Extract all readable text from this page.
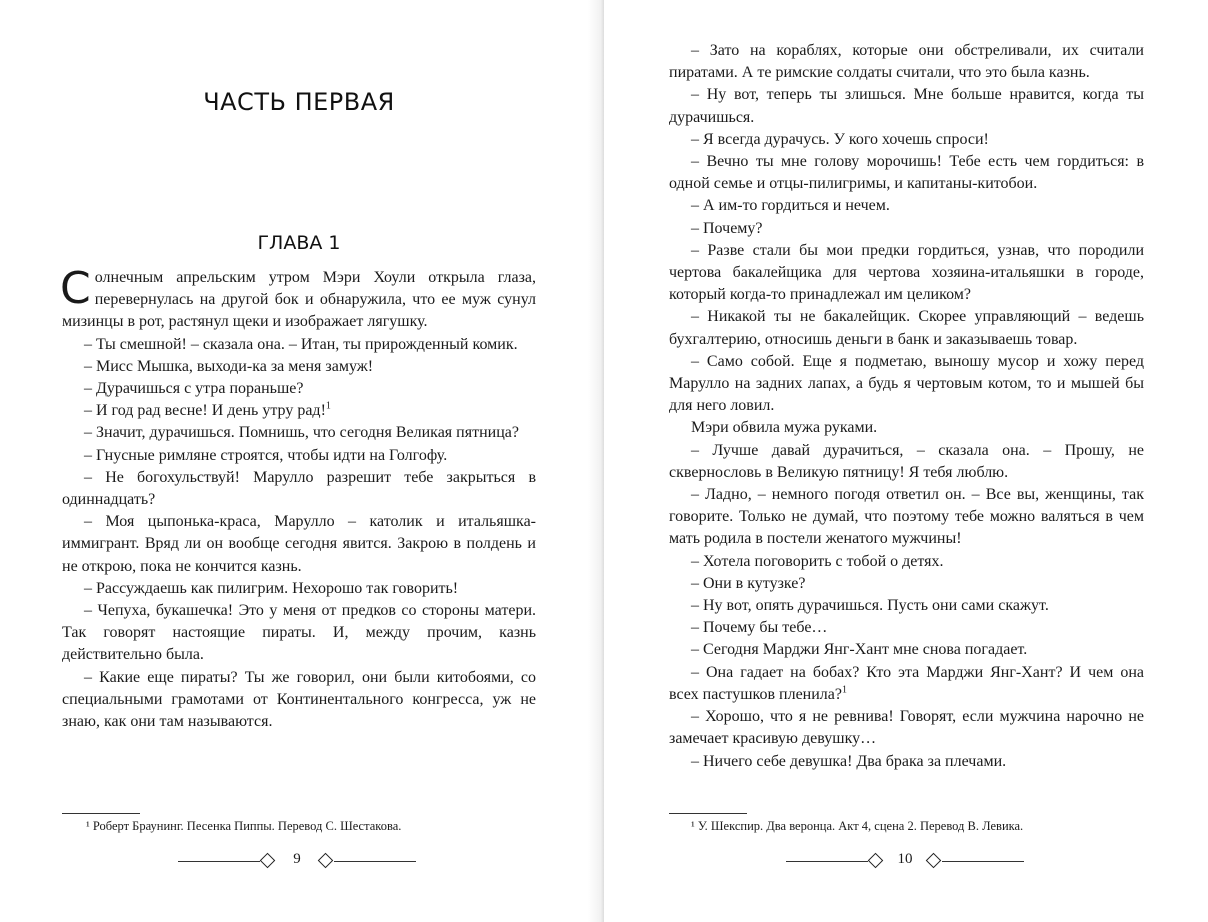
ЧАСТЬ ПЕРВАЯ
ГЛАВА 1

Солнечным апрельским утром Мэри Хоули открыла глаза, перевернулась на другой бок и обнаружила, что ее муж сунул мизинцы в рот, растянул щеки и изображает лягушку.

– Ты смешной! – сказала она. – Итан, ты прирожденный комик.

– Мисс Мышка, выходи-ка за меня замуж!

– Дурачишься с утра пораньше?

– И год рад весне! И день утру рад!$^1$

– Значит, дурачишься. Помнишь, что сегодня Великая пятница?

– Гнусные римляне строятся, чтобы идти на Голгофу.

– Не богохульствуй! Марулло разрешит тебе закрыться в одиннадцать?

– Моя цыпонька-краса, Марулло – католик и итальяшка-иммигрант. Вряд ли он вообще сегодня явится. Закрою в полдень и не открою, пока не кончится казнь.

– Рассуждаешь как пилигрим. Нехорошо так говорить!

– Чепуха, букашечка! Это у меня от предков со стороны матери. Так говорят настоящие пираты. И, между прочим, казнь действительно была.

– Какие еще пираты? Ты же говорил, они были китобоями, со специальными грамотами от Континентального конгресса, уж не знаю, как они там называются.

¹ Роберт Браунинг. Песенка Пиппы. Перевод С. Шестакова.
9

– Зато на кораблях, которые они обстреливали, их считали пиратами. А те римские солдаты считали, что это была казнь.

– Ну вот, теперь ты злишься. Мне больше нравится, когда ты дурачишься.

– Я всегда дурачусь. У кого хочешь спроси!

– Вечно ты мне голову морочишь! Тебе есть чем гордиться: в одной семье и отцы-пилигримы, и капитаны-китобои.

– А им-то гордиться и нечем.

– Почему?

– Разве стали бы мои предки гордиться, узнав, что породили чертова бакалейщика для чертова хозяина-итальяшки в городе, который когда-то принадлежал им целиком?

– Никакой ты не бакалейщик. Скорее управляющий – ведешь бухгалтерию, относишь деньги в банк и заказываешь товар.

– Само собой. Еще я подметаю, выношу мусор и хожу перед Марулло на задних лапах, а будь я чертовым котом, то и мышей бы для него ловил.

Мэри обвила мужа руками.

– Лучше давай дурачиться, – сказала она. – Прошу, не сквернословь в Великую пятницу! Я тебя люблю.

– Ладно, – немного погодя ответил он. – Все вы, женщины, так говорите. Только не думай, что поэтому тебе можно валяться в чем мать родила в постели женатого мужчины!

– Хотела поговорить с тобой о детях.

– Они в кутузке?

– Ну вот, опять дурачишься. Пусть они сами скажут.

– Почему бы тебе…

– Сегодня Марджи Янг-Хант мне снова погадает.

– Она гадает на бобах? Кто эта Марджи Янг-Хант? И чем она всех пастушков пленила?$^1$

– Хорошо, что я не ревнива! Говорят, если мужчина нарочно не замечает красивую девушку…

– Ничего себе девушка! Два брака за плечами.

¹ У. Шекспир. Два веронца. Акт 4, сцена 2. Перевод В. Левика.
10
